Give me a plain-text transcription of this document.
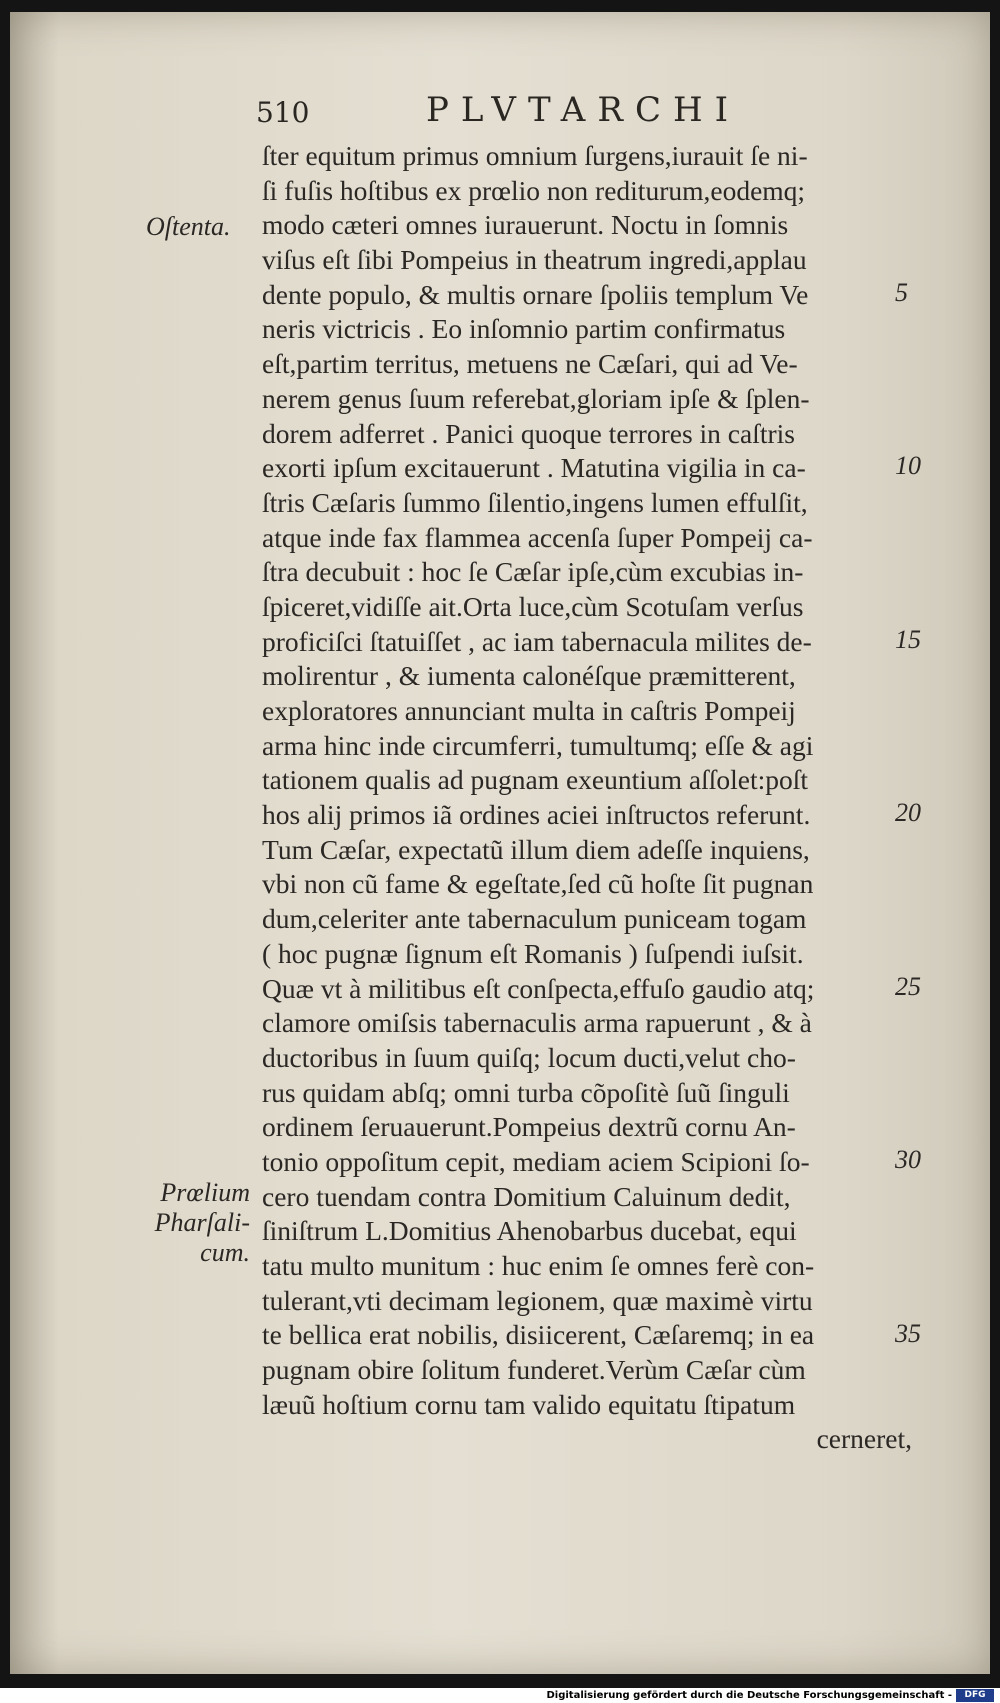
510	PLVTARCHI
Oſtenta.
Prœlium
Pharſali-
cum.
ſter equitum primus omnium ſurgens,iurauit ſe ni-
ſi fuſis hoſtibus ex prœlio non rediturum,eodemq;
modo cæteri omnes iurauerunt. Noctu in ſomnis
viſus eſt ſibi Pompeius in theatrum ingredi,applau
dente populo, & multis ornare ſpoliis templum Ve
neris victricis . Eo inſomnio partim confirmatus
eſt,partim territus, metuens ne Cæſari, qui ad Ve-
nerem genus ſuum referebat,gloriam ipſe & ſplen-
dorem adferret . Panici quoque terrores in caſtris
exorti ipſum excitauerunt . Matutina vigilia in ca-
ſtris Cæſaris ſummo ſilentio,ingens lumen effulſit,
atque inde fax flammea accenſa ſuper Pompeij ca-
ſtra decubuit : hoc ſe Cæſar ipſe,cùm excubias in-
ſpiceret,vidiſſe ait.Orta luce,cùm Scotuſam verſus
proficiſci ſtatuiſſet , ac iam tabernacula milites de-
molirentur , & iumenta calonéſque præmitterent,
exploratores annunciant multa in caſtris Pompeij
arma hinc inde circumferri, tumultumq; eſſe & agi
tationem qualis ad pugnam exeuntium aſſolet:poſt
hos alij primos iã ordines aciei inſtructos referunt.
Tum Cæſar, expectatũ illum diem adeſſe inquiens,
vbi non cũ fame & egeſtate,ſed cũ hoſte ſit pugnan
dum,celeriter ante tabernaculum puniceam togam
( hoc pugnæ ſignum eſt Romanis ) ſuſpendi iuſsit.
Quæ vt à militibus eſt conſpecta,effuſo gaudio atq;
clamore omiſsis tabernaculis arma rapuerunt , & à
ductoribus in ſuum quiſq; locum ducti,velut cho-
rus quidam abſq; omni turba cõpoſitè ſuũ ſinguli
ordinem ſeruauerunt.Pompeius dextrũ cornu An-
tonio oppoſitum cepit, mediam aciem Scipioni ſo-
cero tuendam contra Domitium Caluinum dedit,
ſiniſtrum L.Domitius Ahenobarbus ducebat, equi
tatu multo munitum : huc enim ſe omnes ferè con-
tulerant,vti decimam legionem, quæ maximè virtu
te bellica erat nobilis, disiicerent, Cæſaremq; in ea
pugnam obire ſolitum funderet.Verùm Cæſar cùm
læuũ hoſtium cornu tam valido equitatu ſtipatum
cerneret,
5
10
15
20
25
30
35
Digitalisierung gefördert durch die Deutsche Forschungsgemeinschaft -	DFG
